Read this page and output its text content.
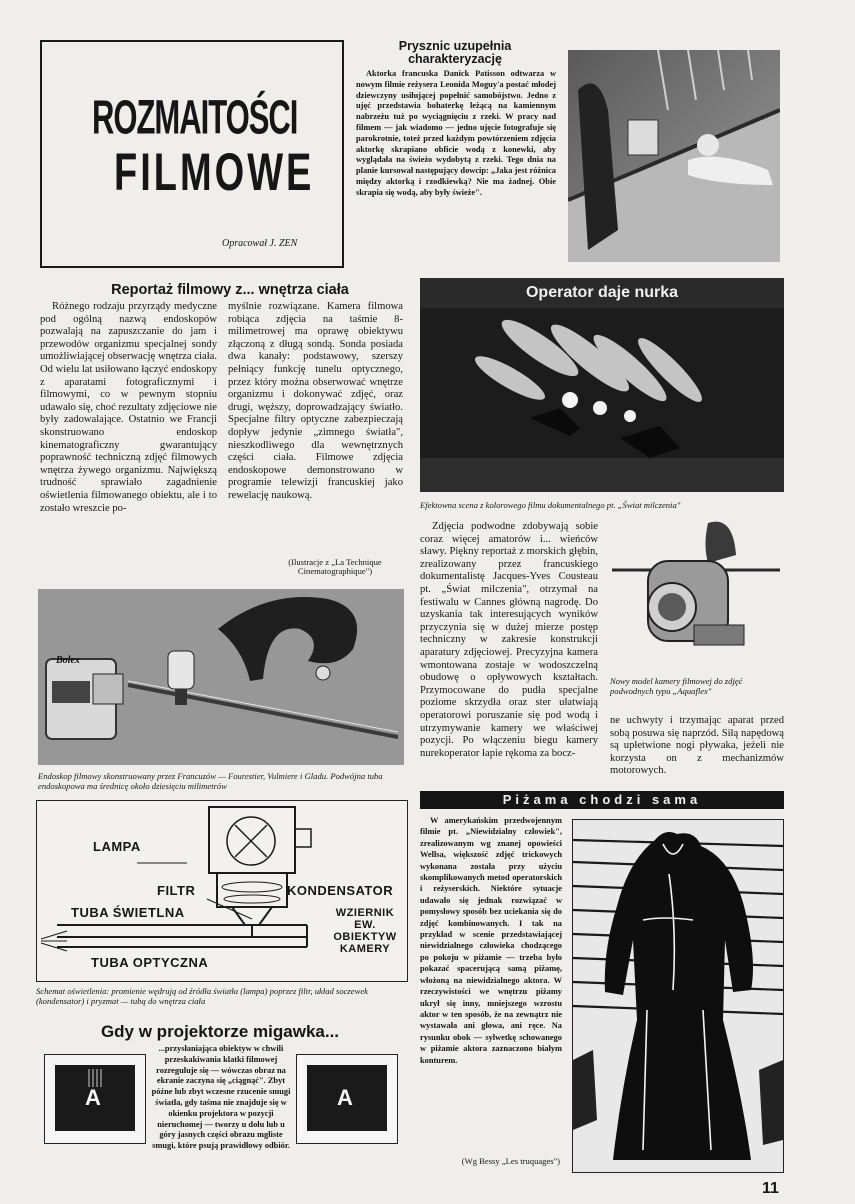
ROZMAITOŚCI
FILMOWE
Opracował J. ZEN
Prysznic uzupełnia
charakteryzację

Aktorka francuska Danick Patisson odtwarza w nowym filmie reżysera Leonida Moguy'a postać młodej dziewczyny usiłującej popełnić samobójstwo. Jedno z ujęć przedstawia bohaterkę leżącą na kamiennym nabrzeżu tuż po wyciągnięciu z rzeki. W pracy nad filmem — jak wiadomo — jedno ujęcie fotografuje się parokrotnie, toteż przed każdym powtórzeniem zdjęcia aktorkę skrapiano obficie wodą z konewki, aby wyglądała na świeżo wydobytą z rzeki. Tego dnia na planie kursował następujący dowcip: „Jaka jest różnica między aktorką i rzodkiewką? Nie ma żadnej. Obie skrapia się wodą, aby były świeże".

Reportaż filmowy z... wnętrza ciała

Różnego rodzaju przyrządy medyczne pod ogólną nazwą endoskopów pozwalają na zapuszczanie do jam i przewodów organizmu specjalnej sondy umożliwiającej obserwację wnętrza ciała. Od wielu lat usiłowano łączyć endoskopy z aparatami fotograficznymi i filmowymi, co w pewnym stopniu udawało się, choć rezultaty zdjęciowe nie były zadowalające. Ostatnio we Francji skonstruowano endoskop kinematograficzny gwarantujący poprawność techniczną zdjęć filmowych wnętrza żywego organizmu. Największą trudność sprawiało zagadnienie oświetlenia filmowanego obiektu, ale i to zostało wreszcie po-

myślnie rozwiązane. Kamera filmowa robiąca zdjęcia na taśmie 8-milimetrowej ma oprawę obiektywu złączoną z długą sondą. Sonda posiada dwa kanały: podstawowy, szerszy pełniący funkcję tunelu optycznego, przez który można obserwować wnętrze organizmu i dokonywać zdjęć, oraz drugi, węższy, doprowadzający światło. Specjalne filtry optyczne zabezpieczają dopływ jedynie „zimnego światła", nieszkodliwego dla wewnętrznych części ciała. Filmowe zdjęcia endoskopowe demonstrowano w programie telewizji francuskiej jako rewelację naukową.

(Ilustracje z „La Technique Cinematographique")
Bolex
Endoskop filmowy skonstruowany przez Francuzów — Fourestier, Vulmiere i Gladu. Podwójna tuba endoskopowa ma średnicę około dziesięciu milimetrów
LAMPA
FILTR	KONDENSATOR
TUBA ŚWIETLNA	WZIERNIK
EW. OBIEKTYW
KAMERY
TUBA OPTYCZNA
Schemat oświetlenia: promienie wędrują od źródła światła (lampa) poprzez filtr, układ soczewek (kondensator) i pryzmat — tubą do wnętrza ciała
Gdy w projektorze migawka...
A

...przysłaniająca obiektyw w chwili przeskakiwania klatki filmowej rozreguluje się — wówczas obraz na ekranie zaczyna się „ciągnąć". Zbyt późne lub zbyt wczesne rzucenie smugi światła, gdy taśma nie znajduje się w okienku projektora w pozycji nieruchomej — tworzy u dołu lub u góry jasnych części obrazu mgliste smugi, które psują prawidłowy odbiór.

A
Operator daje nurka
Efektowna scena z kolorowego filmu dokumentalnego pt. „Świat milczenia"

Zdjęcia podwodne zdobywają sobie coraz więcej amatorów i... wieńców sławy. Piękny reportaż z morskich głębin, zrealizowany przez francuskiego dokumentalistę Jacques-Yves Cousteau pt. „Świat milczenia", otrzymał na festiwalu w Cannes główną nagrodę. Do uzyskania tak interesujących wyników przyczynia się w dużej mierze postęp techniczny w zakresie konstrukcji aparatury zdjęciowej. Precyzyjna kamera wmontowana zostaje w wodoszczelną obudowę o opływowych kształtach. Przymocowane do pudła specjalne poziome skrzydła oraz ster ułatwiają operatorowi poruszanie się pod wodą i utrzymywanie kamery we właściwej pozycji. Po włączeniu biegu kamery nurekoperator łapie rękoma za bocz-

Nowy model kamery filmowej do zdjęć podwodnych typu „Aquaflex"

ne uchwyty i trzymając aparat przed sobą posuwa się naprzód. Siłą napędową są upłetwione nogi pływaka, jeżeli nie korzysta on z mechanizmów motorowych.

Piżama chodzi sama

W amerykańskim przedwojennym filmie pt. „Niewidzialny człowiek", zrealizowanym wg znanej opowieści Wellsa, większość zdjęć trickowych wykonana została przy użyciu skomplikowanych metod operatorskich i reżyserskich. Niektóre sytuacje udawało się jednak rozwiązać w pomysłowy sposób bez uciekania się do zdjęć kombinowanych. I tak na przykład w scenie przedstawiającej niewidzialnego człowieka chodzącego po pokoju w piżamie — trzeba było pokazać spacerującą samą piżamę, włożoną na niewidzialnego aktora. W rzeczywistości we wnętrzu piżamy ukrył się inny, mniejszego wzrostu aktor w ten sposób, że na zewnątrz nie wystawała ani głowa, ani ręce. Na rysunku obok — sylwetkę schowanego w piżamie aktora zaznaczono białym konturem.

(Wg Bessy „Les truquages")
11
